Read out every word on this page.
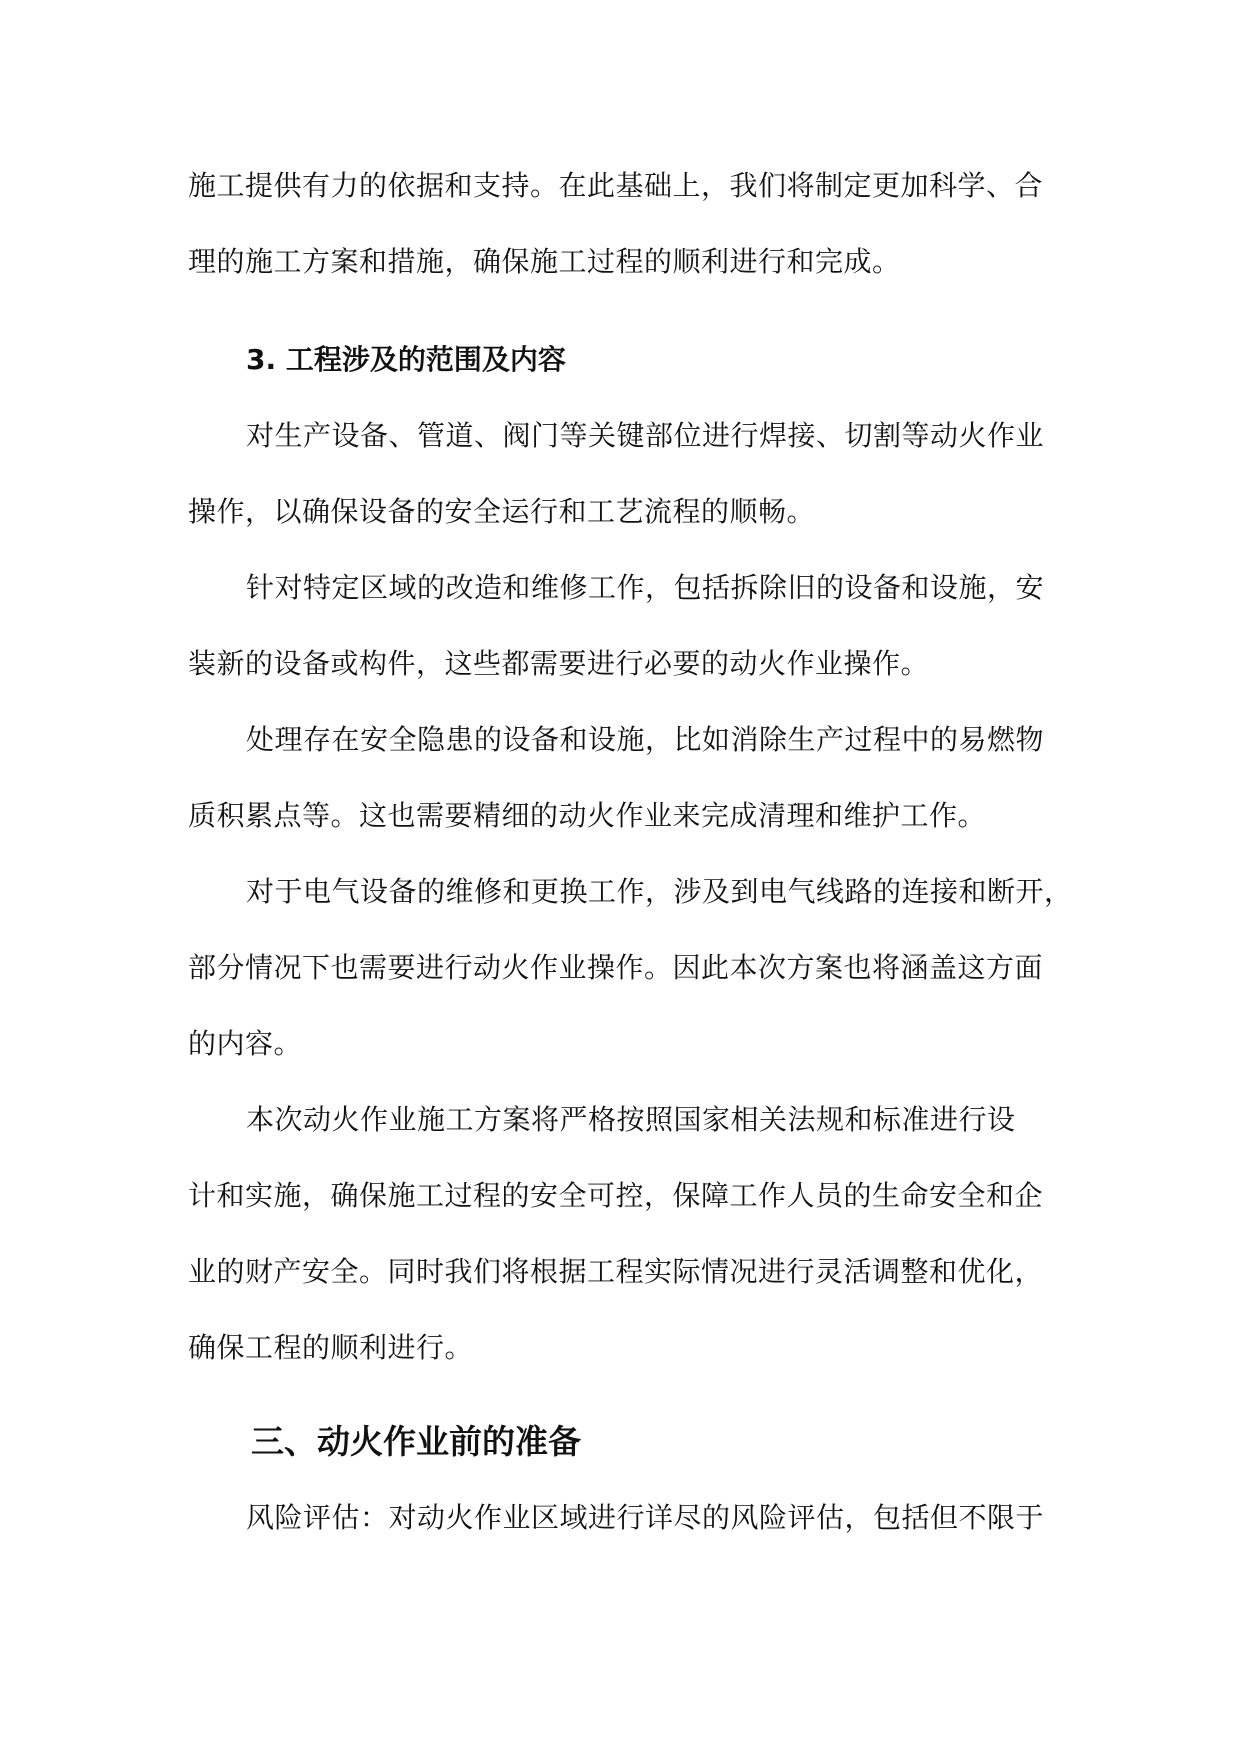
施工提供有力的依据和支持。在此基础上，我们将制定更加科学、合
理的施工方案和措施，确保施工过程的顺利进行和完成。
3. 工程涉及的范围及内容
对生产设备、管道、阀门等关键部位进行焊接、切割等动火作业
操作，以确保设备的安全运行和工艺流程的顺畅。
针对特定区域的改造和维修工作，包括拆除旧的设备和设施，安
装新的设备或构件，这些都需要进行必要的动火作业操作。
处理存在安全隐患的设备和设施，比如消除生产过程中的易燃物
质积累点等。这也需要精细的动火作业来完成清理和维护工作。
对于电气设备的维修和更换工作，涉及到电气线路的连接和断开，
部分情况下也需要进行动火作业操作。因此本次方案也将涵盖这方面
的内容。
本次动火作业施工方案将严格按照国家相关法规和标准进行设
计和实施，确保施工过程的安全可控，保障工作人员的生命安全和企
业的财产安全。同时我们将根据工程实际情况进行灵活调整和优化，
确保工程的顺利进行。
三、动火作业前的准备
风险评估：对动火作业区域进行详尽的风险评估，包括但不限于
